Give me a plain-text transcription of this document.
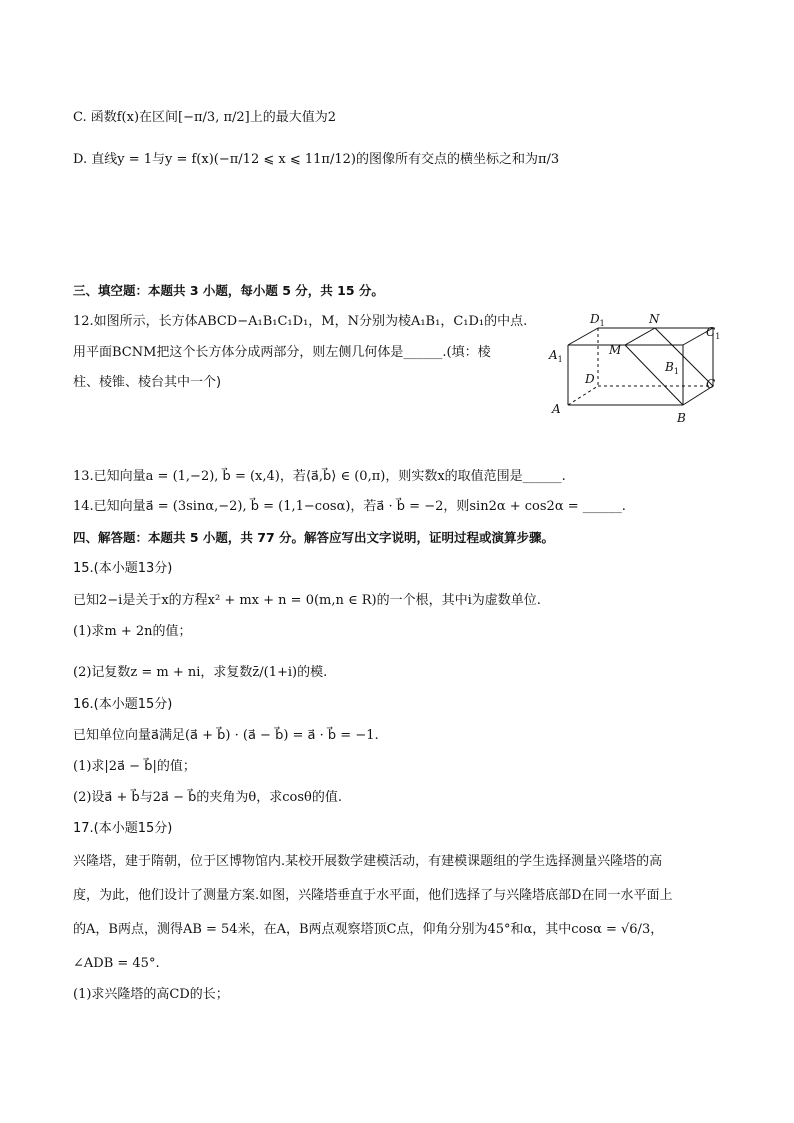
C. 函数f(x)在区间[−π/3, π/2]上的最大值为2
D. 直线y = 1与y = f(x)(−π/12 ⩽ x ⩽ 11π/12)的图像所有交点的横坐标之和为π/3
三、填空题：本题共 3 小题，每小题 5 分，共 15 分。
12.如图所示，长方体ABCD−A₁B₁C₁D₁，M，N分别为棱A₁B₁，C₁D₁的中点.
用平面BCNM把这个长方体分成两部分，则左侧几何体是______.(填：棱
柱、棱锥、棱台其中一个)
$D_1$	N
$C_1$
$A_1$
M
$B_1$
D	C
A
B
13.已知向量a = (1,−2), b⃗ = (x,4)，若⟨a⃗,b⃗⟩ ∈ (0,π)，则实数x的取值范围是______.
14.已知向量a⃗ = (3sinα,−2), b⃗ = (1,1−cosα)，若a⃗ · b⃗ = −2，则sin2α + cos2α = ______.
四、解答题：本题共 5 小题，共 77 分。解答应写出文字说明，证明过程或演算步骤。
15.(本小题13分)
已知2−i是关于x的方程x² + mx + n = 0(m,n ∈ R)的一个根，其中i为虚数单位.
(1)求m + 2n的值；
(2)记复数z = m + ni，求复数z̄/(1+i)的模.
16.(本小题15分)
已知单位向量a⃗满足(a⃗ + b⃗) · (a⃗ − b⃗) = a⃗ · b⃗ = −1.
(1)求|2a⃗ − b⃗|的值；
(2)设a⃗ + b⃗与2a⃗ − b⃗的夹角为θ，求cosθ的值.
17.(本小题15分)
兴隆塔，建于隋朝，位于区博物馆内.某校开展数学建模活动，有建模课题组的学生选择测量兴隆塔的高
度，为此，他们设计了测量方案.如图，兴隆塔垂直于水平面，他们选择了与兴隆塔底部D在同一水平面上
的A，B两点，测得AB = 54米，在A，B两点观察塔顶C点，仰角分别为45°和α，其中cosα = √6/3，
∠ADB = 45°.
(1)求兴隆塔的高CD的长；
